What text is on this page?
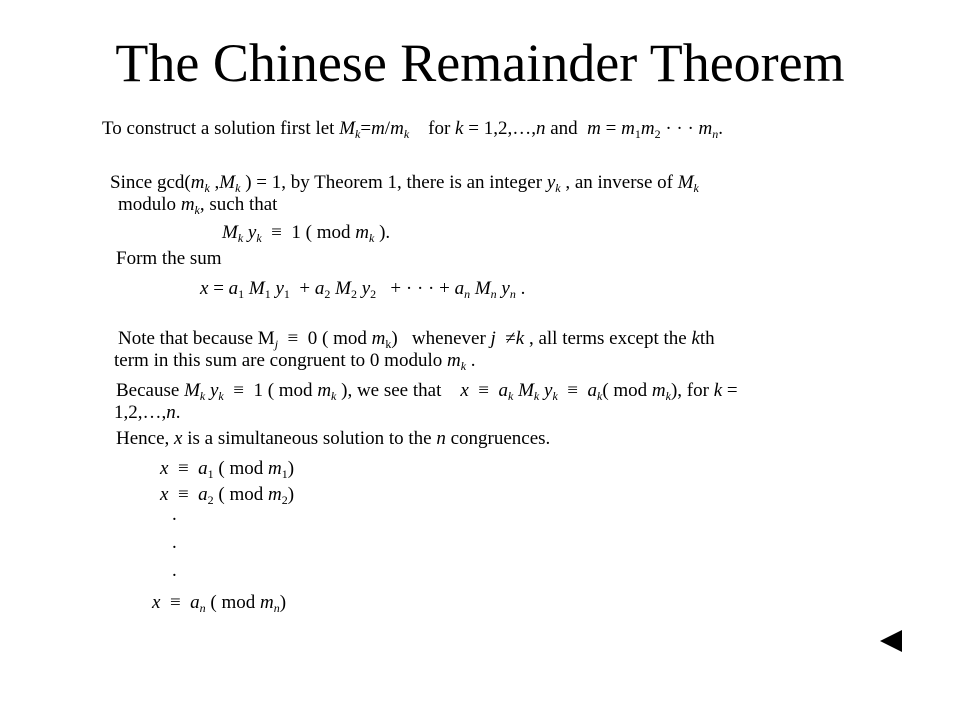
The Chinese Remainder Theorem
To construct a solution first let $M_k=m/m_k$    for k = 1,2,…,n and  $m = m_1m_2$ · · · $m_n$.
Since $\gcd(m_k$ $,M_k$ ) = 1, by Theorem 1, there is an integer $y_k$ , an inverse of $M_k$
modulo $m_k$, such that
$M_k$ $y_k \equiv 1$ ( mod $m_k$ ).
Form the sum
$x = a_1$ $M_1$ $y_1 + a_2$ $M_2$ $y_2$   + · · · + $a_n$ $M_n$ $y_n$ .
Note that because $M_j \equiv 0$ ( mod $m_k$)   whenever j  ≠k , all terms except the kth
term in this sum are congruent to 0 modulo $m_k$ .
Because $M_k$ $y_k \equiv 1$ ( mod $m_k$ ), we see that    $x \equiv a_k$ $M_k$ $y_k \equiv a_k$( mod $m_k$), for k =
1,2,…,n.
Hence, x is a simultaneous solution to the n congruences.
$x \equiv a_1$ ( mod $m_1$)
$x \equiv a_2$ ( mod $m_2$)
.
.
.
$x \equiv a_n$ ( mod $m_n$)
